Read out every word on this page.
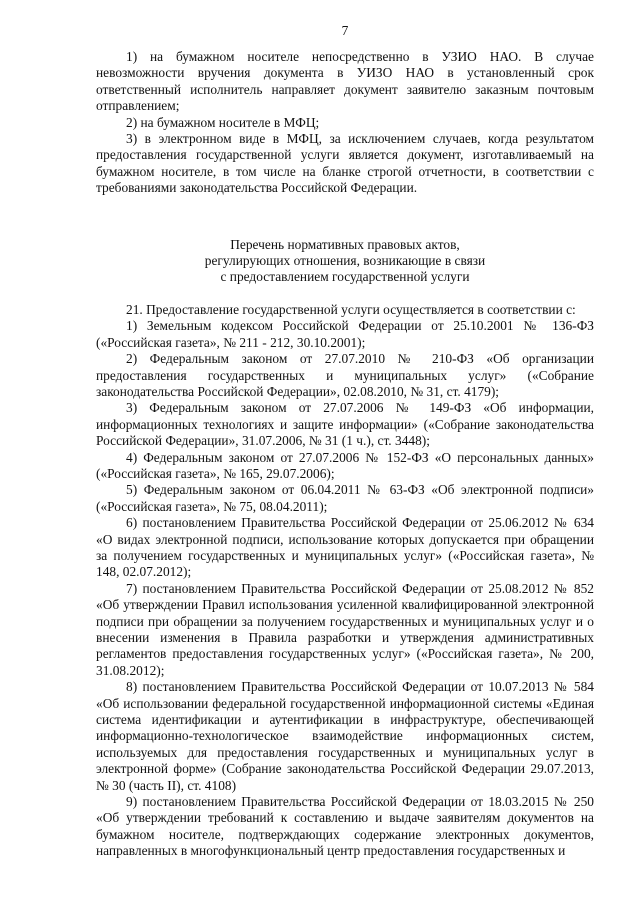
7

1) на бумажном носителе непосредственно в УЗИО НАО. В случае невозможности вручения документа в УИЗО НАО в установленный срок ответственный исполнитель направляет документ заявителю заказным почтовым отправлением;

2) на бумажном носителе в МФЦ;

3) в электронном виде в МФЦ, за исключением случаев, когда результатом предоставления государственной услуги является документ, изготавливаемый на бумажном носителе, в том числе на бланке строгой отчетности, в соответствии с требованиями законодательства Российской Федерации.

Перечень нормативных правовых актов,
регулирующих отношения, возникающие в связи
с предоставлением государственной услуги

21. Предоставление государственной услуги осуществляется в соответствии с:

1) Земельным кодексом Российской Федерации от 25.10.2001 № 136-ФЗ («Российская газета», № 211 - 212, 30.10.2001);

2) Федеральным законом от 27.07.2010 № 210-ФЗ «Об организации предоставления государственных и муниципальных услуг» («Собрание законодательства Российской Федерации», 02.08.2010, № 31, ст. 4179);

3) Федеральным законом от 27.07.2006 № 149-ФЗ «Об информации, информационных технологиях и защите информации» («Собрание законодательства Российской Федерации», 31.07.2006, № 31 (1 ч.), ст. 3448);

4) Федеральным законом от 27.07.2006 № 152-ФЗ «О персональных данных» («Российская газета», № 165, 29.07.2006);

5) Федеральным законом от 06.04.2011 № 63-ФЗ «Об электронной подписи» («Российская газета», № 75, 08.04.2011);

6) постановлением Правительства Российской Федерации от 25.06.2012 № 634 «О видах электронной подписи, использование которых допускается при обращении за получением государственных и муниципальных услуг» («Российская газета», № 148, 02.07.2012);

7) постановлением Правительства Российской Федерации от 25.08.2012 № 852 «Об утверждении Правил использования усиленной квалифицированной электронной подписи при обращении за получением государственных и муниципальных услуг и о внесении изменения в Правила разработки и утверждения административных регламентов предоставления государственных услуг» («Российская газета», № 200, 31.08.2012);

8) постановлением Правительства Российской Федерации от 10.07.2013 № 584 «Об использовании федеральной государственной информационной системы «Единая система идентификации и аутентификации в инфраструктуре, обеспечивающей информационно-технологическое взаимодействие информационных систем, используемых для предоставления государственных и муниципальных услуг в электронной форме» (Собрание законодательства Российской Федерации 29.07.2013, № 30 (часть II), ст. 4108)

9) постановлением Правительства Российской Федерации от 18.03.2015 № 250 «Об утверждении требований к составлению и выдаче заявителям документов на бумажном носителе, подтверждающих содержание электронных документов, направленных в многофункциональный центр предоставления государственных и
